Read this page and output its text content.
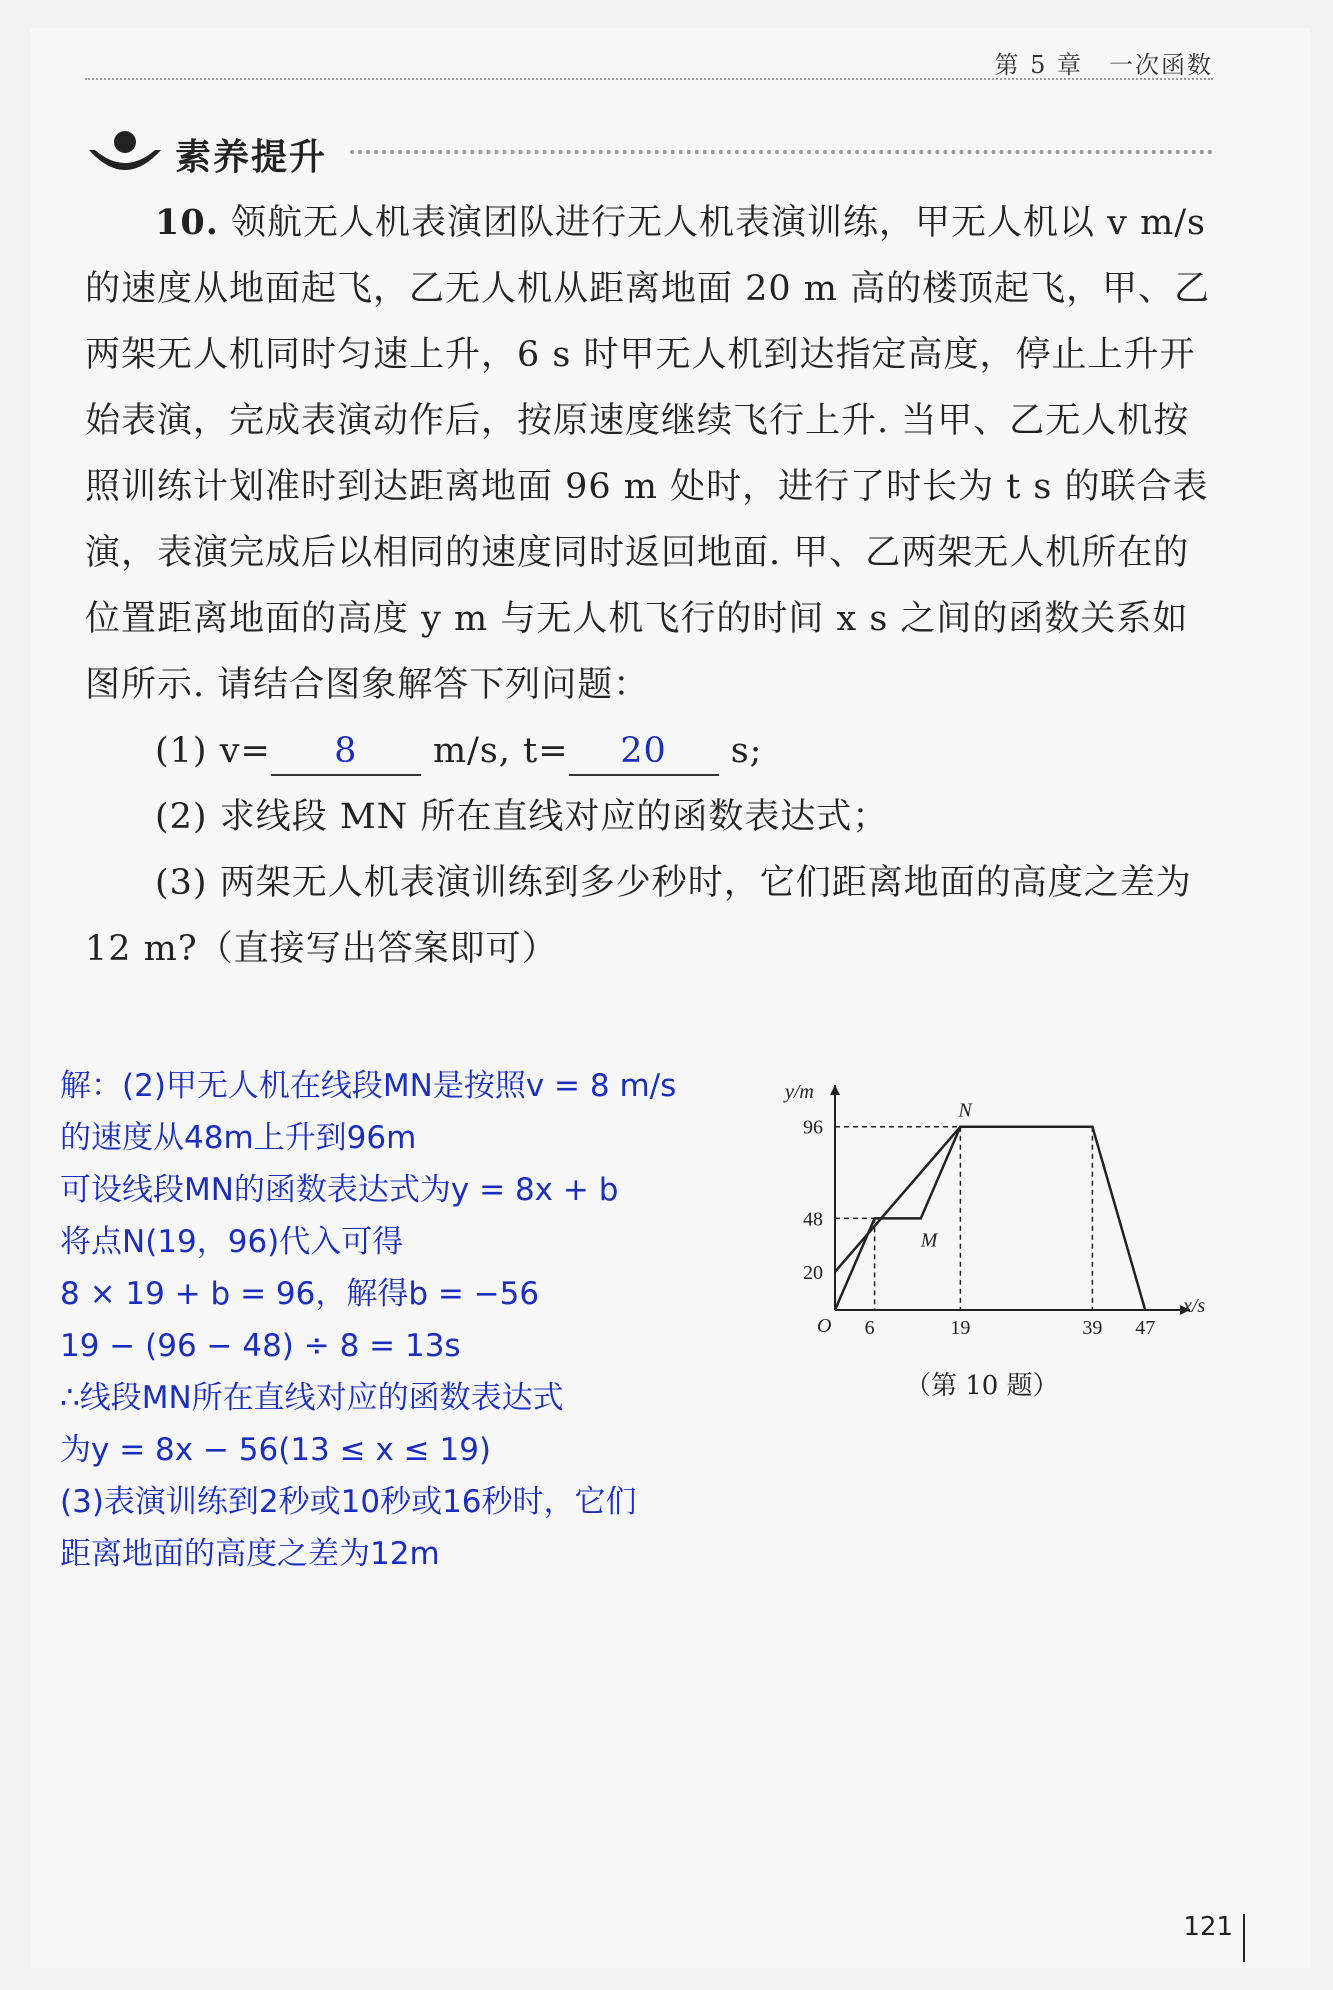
第 5 章　一次函数
素养提升

10. 领航无人机表演团队进行无人机表演训练，甲无人机以 v m/s 的速度从地面起飞，乙无人机从距离地面 20 m 高的楼顶起飞，甲、乙两架无人机同时匀速上升，6 s 时甲无人机到达指定高度，停止上升开始表演，完成表演动作后，按原速度继续飞行上升. 当甲、乙无人机按照训练计划准时到达距离地面 96 m 处时，进行了时长为 t s 的联合表演，表演完成后以相同的速度同时返回地面. 甲、乙两架无人机所在的位置距离地面的高度 y m 与无人机飞行的时间 x s 之间的函数关系如图所示. 请结合图象解答下列问题：

(1) v= 8 m/s, t= 20 s;

(2) 求线段 MN 所在直线对应的函数表达式；

(3) 两架无人机表演训练到多少秒时，它们距离地面的高度之差为 12 m?（直接写出答案即可）

解：(2)甲无人机在线段MN是按照v = 8 m/s

的速度从48m上升到96m

可设线段MN的函数表达式为y = 8x + b

将点N(19，96)代入可得

8 × 19 + b = 96，解得b = −56

19 − (96 − 48) ÷ 8 = 13s

∴线段MN所在直线对应的函数表达式

为y = 8x − 56(13 ≤ x ≤ 19)

(3)表演训练到2秒或10秒或16秒时，它们

距离地面的高度之差为12m

x/s
y/m
O 6	19	39 47
20
48
96
N
M
（第 10 题）
121
